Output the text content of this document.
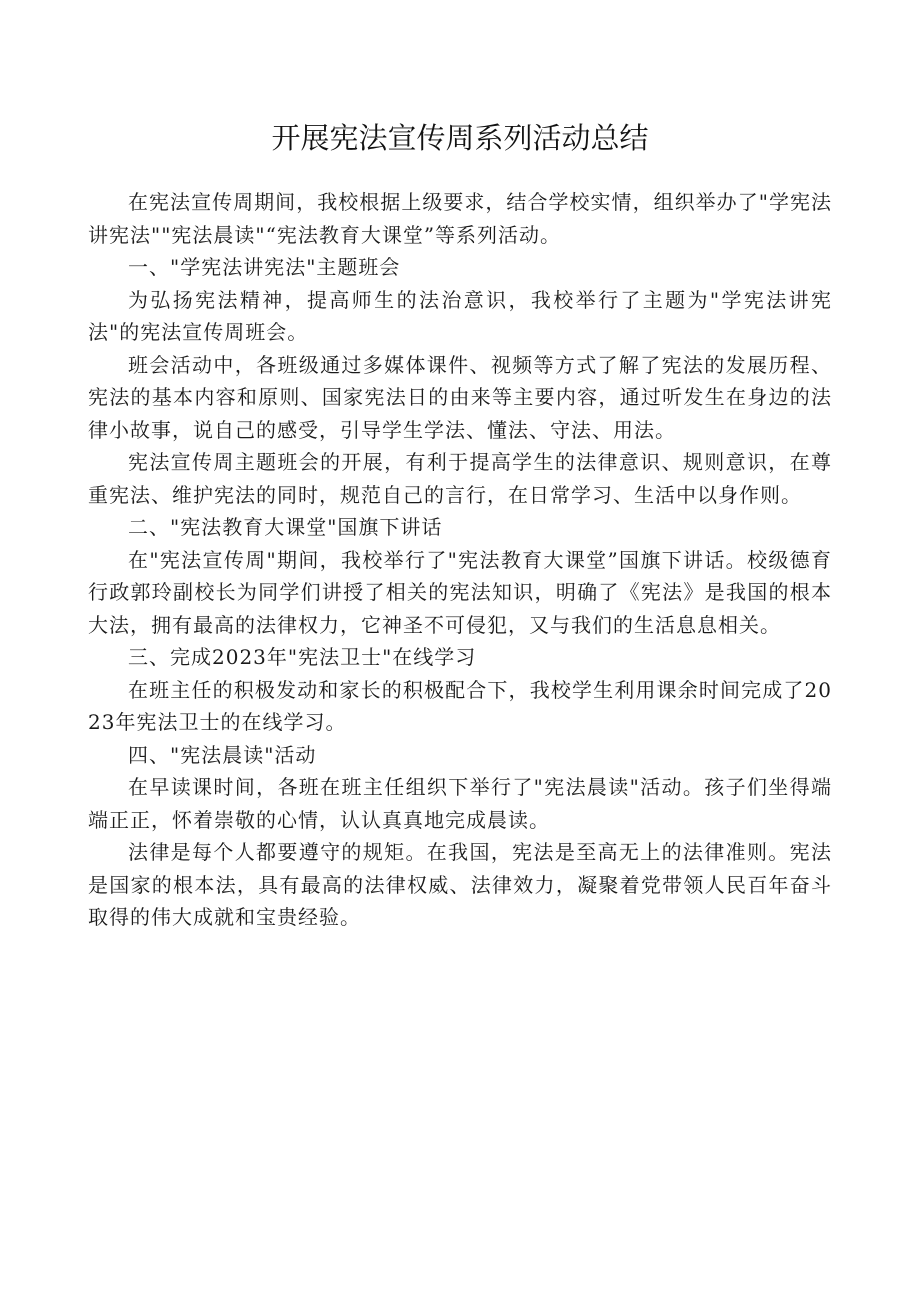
开展宪法宣传周系列活动总结

在宪法宣传周期间，我校根据上级要求，结合学校实情，组织举办了"学宪法讲宪法""宪法晨读"“宪法教育大课堂”等系列活动。

一、"学宪法讲宪法"主题班会

为弘扬宪法精神，提高师生的法治意识，我校举行了主题为"学宪法讲宪法"的宪法宣传周班会。

班会活动中，各班级通过多媒体课件、视频等方式了解了宪法的发展历程、宪法的基本内容和原则、国家宪法日的由来等主要内容，通过听发生在身边的法律小故事，说自己的感受，引导学生学法、懂法、守法、用法。

宪法宣传周主题班会的开展，有利于提高学生的法律意识、规则意识，在尊重宪法、维护宪法的同时，规范自己的言行，在日常学习、生活中以身作则。

二、"宪法教育大课堂"国旗下讲话

在"宪法宣传周"期间，我校举行了"宪法教育大课堂”国旗下讲话。校级德育行政郭玲副校长为同学们讲授了相关的宪法知识，明确了《宪法》是我国的根本大法，拥有最高的法律权力，它神圣不可侵犯，又与我们的生活息息相关。

三、完成2023年"宪法卫士"在线学习

在班主任的积极发动和家长的积极配合下，我校学生利用课余时间完成了2023年宪法卫士的在线学习。

四、"宪法晨读"活动

在早读课时间，各班在班主任组织下举行了"宪法晨读"活动。孩子们坐得端端正正，怀着崇敬的心情，认认真真地完成晨读。

法律是每个人都要遵守的规矩。在我国，宪法是至高无上的法律准则。宪法是国家的根本法，具有最高的法律权威、法律效力，凝聚着党带领人民百年奋斗取得的伟大成就和宝贵经验。
